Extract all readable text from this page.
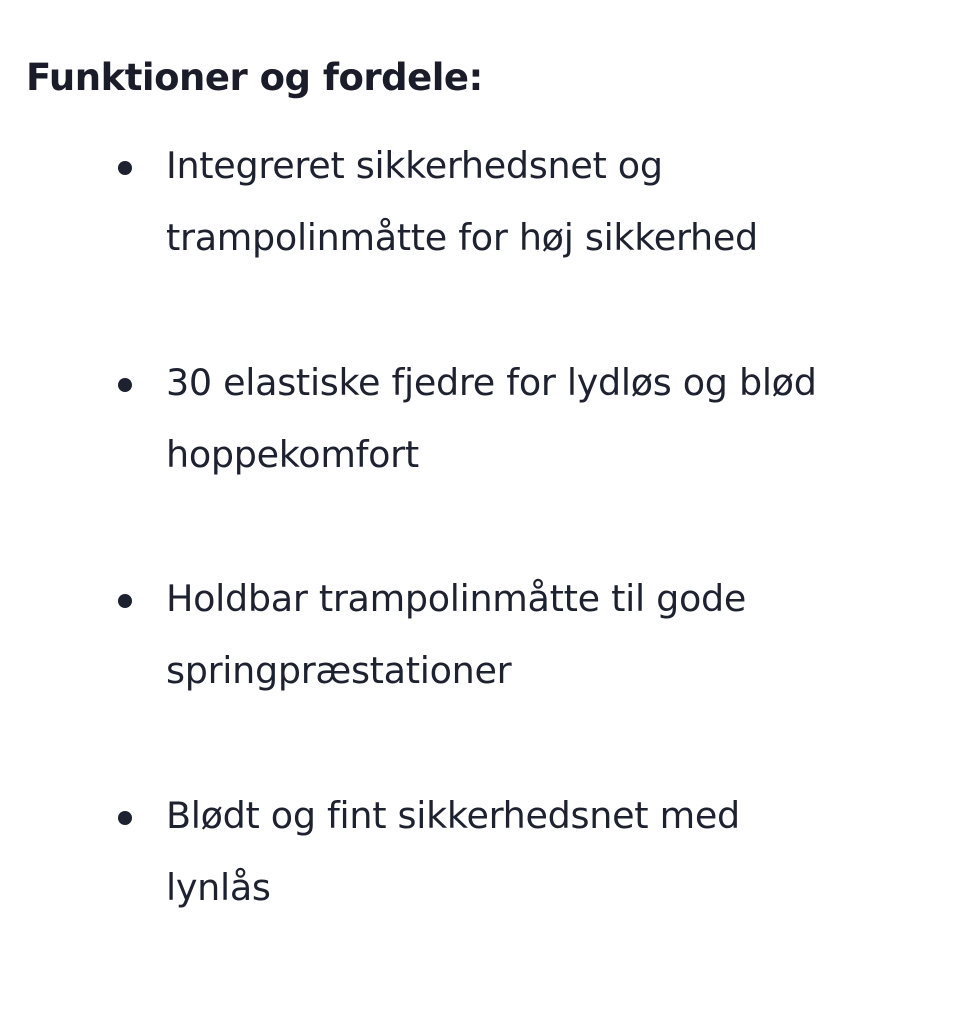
Funktioner og fordele:
Integreret sikkerhedsnet og
trampolinmåtte for høj sikkerhed
30 elastiske fjedre for lydløs og blød
hoppekomfort
Holdbar trampolinmåtte til gode
springpræstationer
Blødt og fint sikkerhedsnet med
lynlås
